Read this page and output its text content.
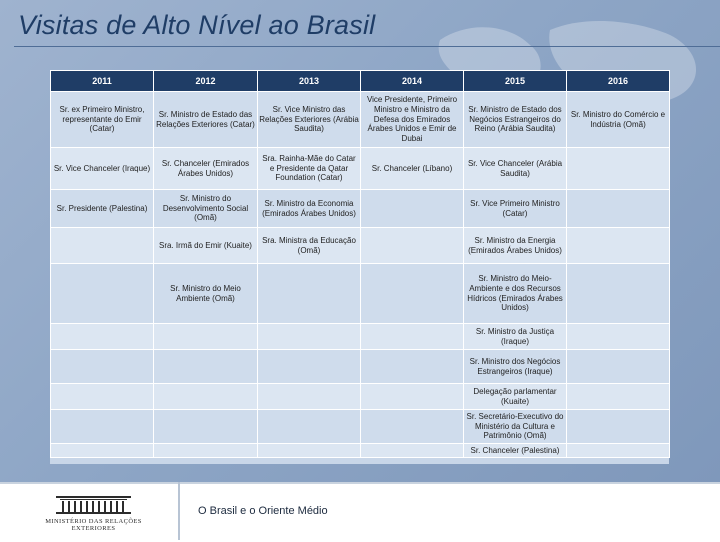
Visitas de Alto Nível ao Brasil
2011	2012	2013	2014	2015	2016
Sr. ex Primeiro Ministro, representante do Emir (Catar)	Sr. Ministro de Estado das Relações Exteriores (Catar)	Sr. Vice Ministro das Relações Exteriores (Arábia Saudita)	Vice Presidente, Primeiro Ministro e Ministro da Defesa dos Emirados Árabes Unidos e Emir de Dubai	Sr. Ministro de Estado dos Negócios Estrangeiros do Reino (Arábia Saudita)	Sr. Ministro do Comércio e Indústria (Omã)
Sr. Vice Chanceler (Iraque)	Sr. Chanceler (Emirados Árabes Unidos)	Sra. Rainha-Mãe do Catar e Presidente da Qatar Foundation (Catar)	Sr. Chanceler (Líbano)	Sr. Vice Chanceler (Arábia Saudita)	
Sr. Presidente (Palestina)	Sr. Ministro do Desenvolvimento Social (Omã)	Sr. Ministro da Economia (Emirados Árabes Unidos)		Sr. Vice Primeiro Ministro (Catar)	
	Sra. Irmã do Emir (Kuaite)	Sra. Ministra da Educação (Omã)		Sr. Ministro da Energia (Emirados Árabes Unidos)	
	Sr. Ministro do Meio Ambiente (Omã)			Sr. Ministro do Meio-Ambiente e dos Recursos Hídricos (Emirados Árabes Unidos)	
				Sr. Ministro da Justiça (Iraque)	
				Sr. Ministro dos Negócios Estrangeiros (Iraque)	
				Delegação parlamentar (Kuaite)	
				Sr. Secretário-Executivo do Ministério da Cultura e Patrimônio (Omã)	
				Sr. Chanceler (Palestina)	
MINISTÉRIO DAS RELAÇÕES EXTERIORES
O Brasil e o Oriente Médio
